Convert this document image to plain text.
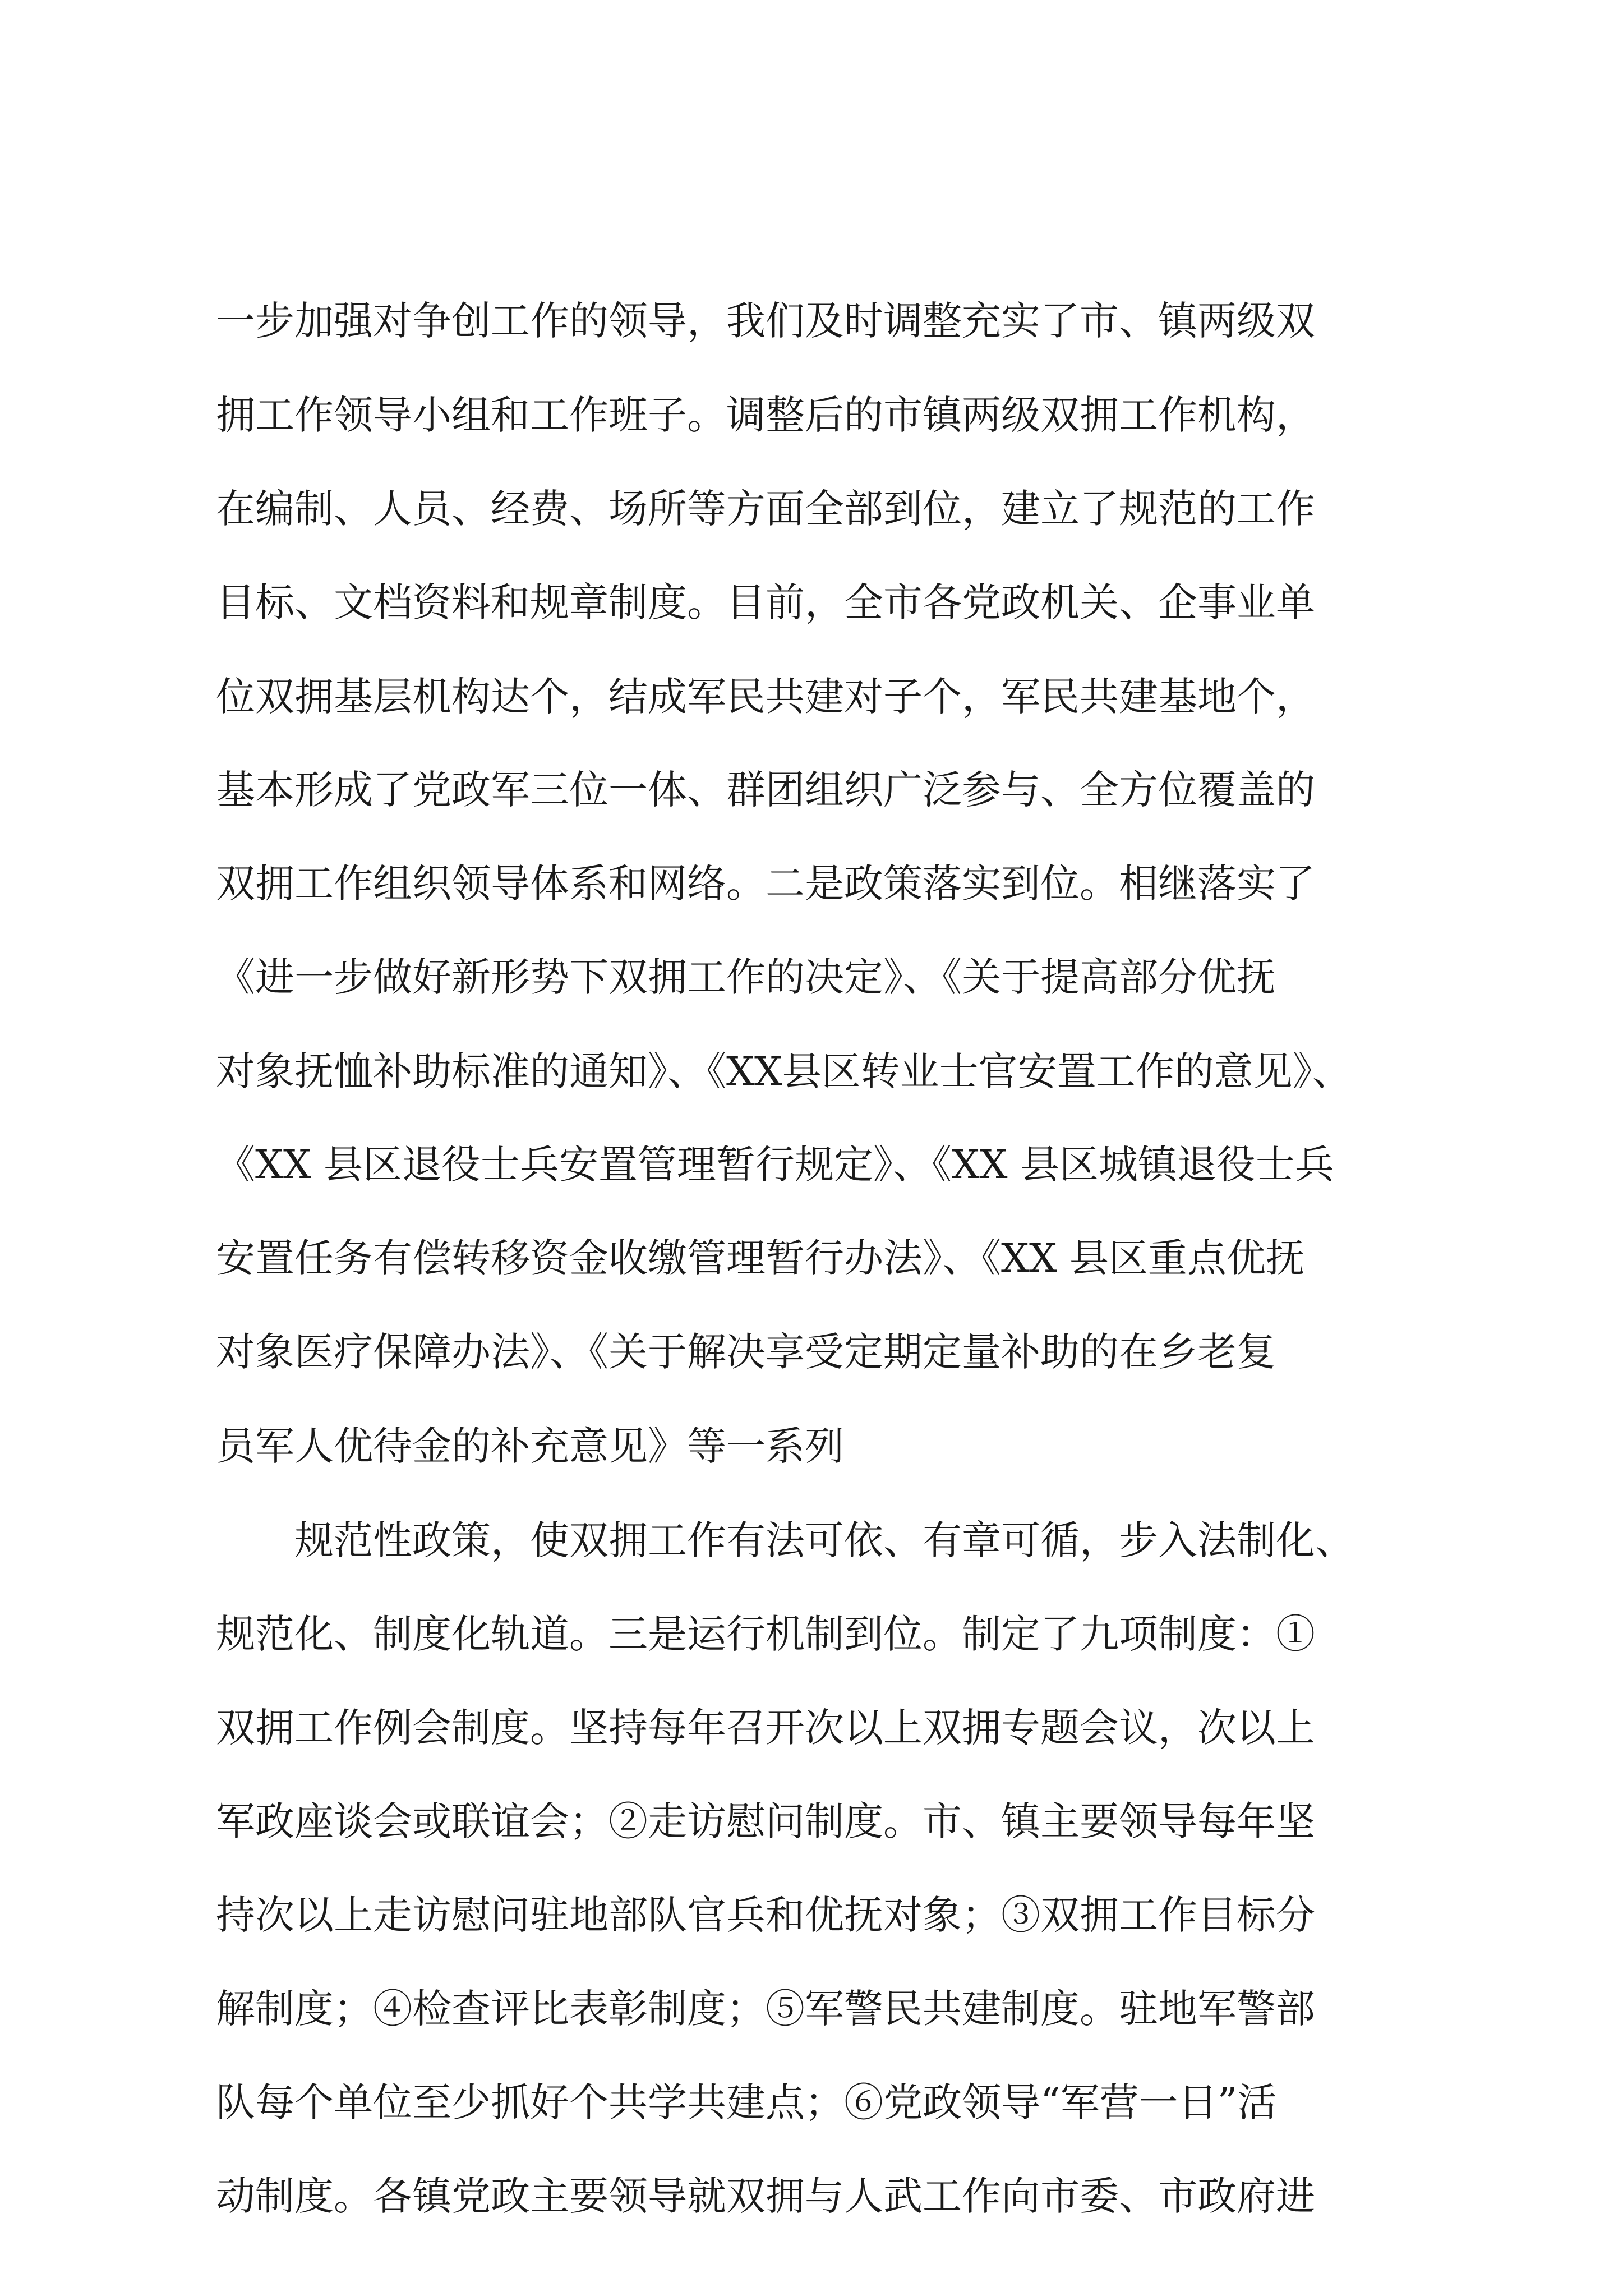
一步加强对争创工作的领导，我们及时调整充实了市、镇两级双
拥工作领导小组和工作班子。调整后的市镇两级双拥工作机构，
在编制、人员、经费、场所等方面全部到位，建立了规范的工作
目标、文档资料和规章制度。目前，全市各党政机关、企事业单
位双拥基层机构达个，结成军民共建对子个，军民共建基地个，
基本形成了党政军三位一体、群团组织广泛参与、全方位覆盖的
双拥工作组织领导体系和网络。二是政策落实到位。相继落实了
《进一步做好新形势下双拥工作的决定》、《关于提高部分优抚
对象抚恤补助标准的通知》、《XX县区转业士官安置工作的意见》、
《XX 县区退役士兵安置管理暂行规定》、《XX 县区城镇退役士兵
安置任务有偿转移资金收缴管理暂行办法》、《XX 县区重点优抚
对象医疗保障办法》、《关于解决享受定期定量补助的在乡老复
员军人优待金的补充意见》等一系列
　　规范性政策，使双拥工作有法可依、有章可循，步入法制化、
规范化、制度化轨道。三是运行机制到位。制定了九项制度：①
双拥工作例会制度。坚持每年召开次以上双拥专题会议，次以上
军政座谈会或联谊会；②走访慰问制度。市、镇主要领导每年坚
持次以上走访慰问驻地部队官兵和优抚对象；③双拥工作目标分
解制度；④检查评比表彰制度；⑤军警民共建制度。驻地军警部
队每个单位至少抓好个共学共建点；⑥党政领导“军营一日”活
动制度。各镇党政主要领导就双拥与人武工作向市委、市政府进
